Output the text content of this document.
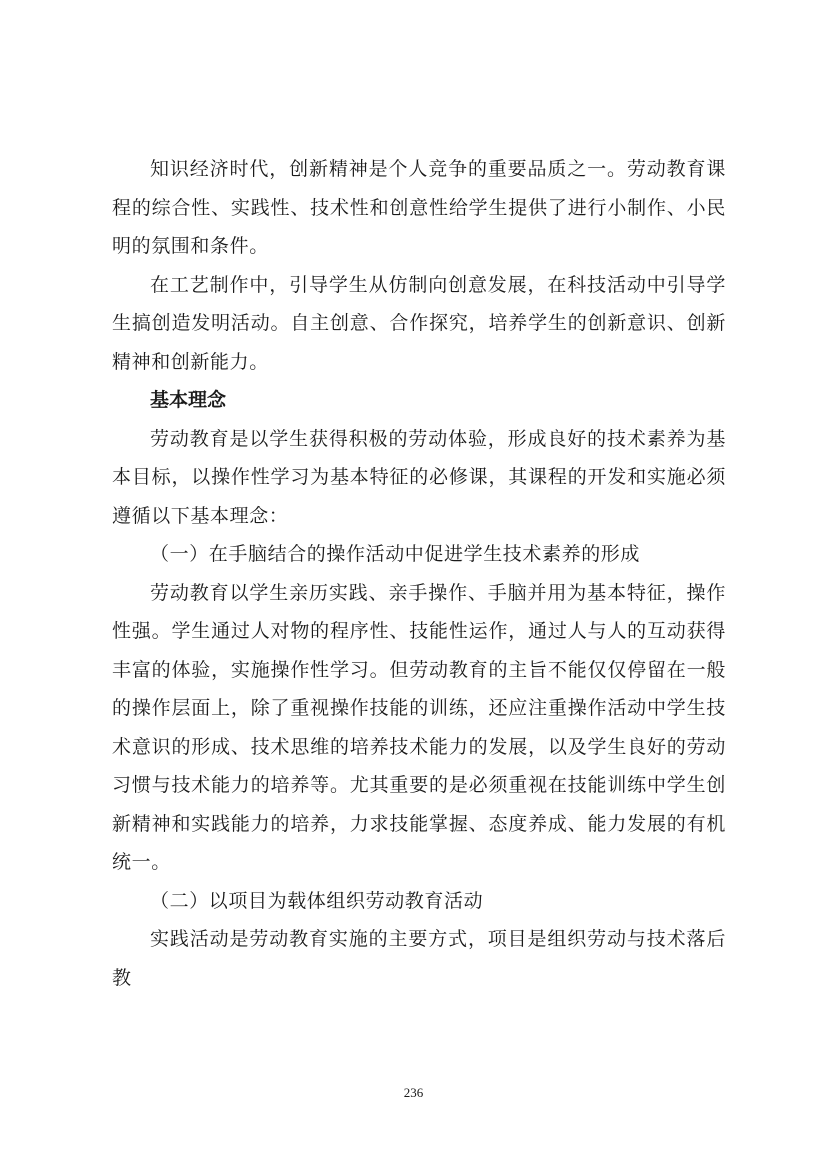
知识经济时代，创新精神是个人竞争的重要品质之一。劳动教育课程的综合性、实践性、技术性和创意性给学生提供了进行小制作、小民明的氛围和条件。

在工艺制作中，引导学生从仿制向创意发展，在科技活动中引导学生搞创造发明活动。自主创意、合作探究，培养学生的创新意识、创新精神和创新能力。

基本理念

劳动教育是以学生获得积极的劳动体验，形成良好的技术素养为基本目标，以操作性学习为基本特征的必修课，其课程的开发和实施必须遵循以下基本理念：

（一）在手脑结合的操作活动中促进学生技术素养的形成

劳动教育以学生亲历实践、亲手操作、手脑并用为基本特征，操作性强。学生通过人对物的程序性、技能性运作，通过人与人的互动获得丰富的体验，实施操作性学习。但劳动教育的主旨不能仅仅停留在一般的操作层面上，除了重视操作技能的训练，还应注重操作活动中学生技术意识的形成、技术思维的培养技术能力的发展，以及学生良好的劳动习惯与技术能力的培养等。尤其重要的是必须重视在技能训练中学生创新精神和实践能力的培养，力求技能掌握、态度养成、能力发展的有机统一。

（二）以项目为载体组织劳动教育活动

实践活动是劳动教育实施的主要方式，项目是组织劳动与技术落后教

236
